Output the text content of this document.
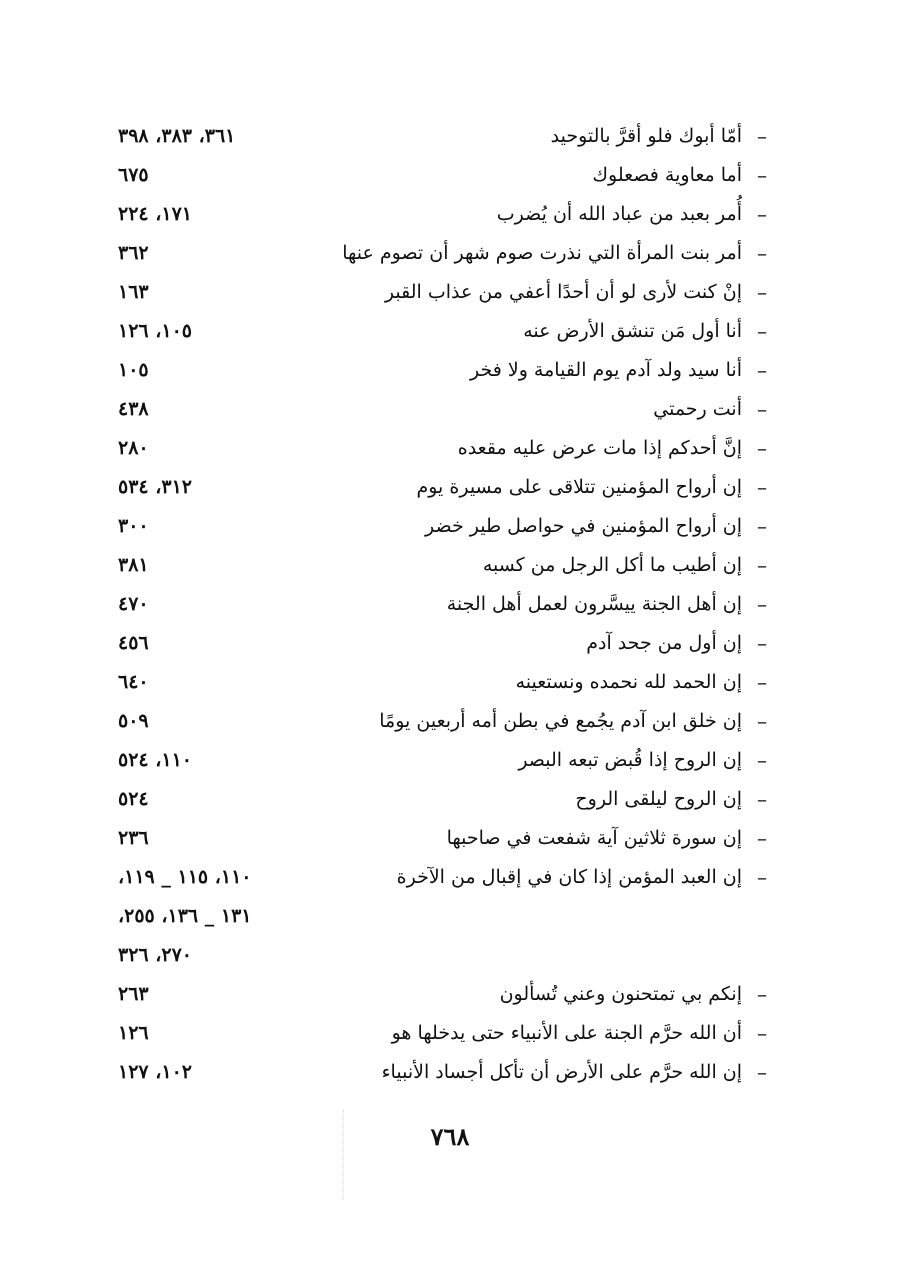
–
أمّا أبوك فلو أقرَّ بالتوحيد
٣٦١، ٣٨٣، ٣٩٨
–
أما معاوية فصعلوك
٦٧٥
–
أُمر بعبد من عباد الله أن يُضرب
١٧١، ٢٢٤
–
أمر بنت المرأة التي نذرت صوم شهر أن تصوم عنها
٣٦٢
–
إنْ كنت لأرى لو أن أحدًا أعفي من عذاب القبر
١٦٣
–
أنا أول مَن تنشق الأرض عنه
١٠٥، ١٢٦
–
أنا سيد ولد آدم يوم القيامة ولا فخر
١٠٥
–
أنت رحمتي
٤٣٨
–
إنَّ أحدكم إذا مات عرض عليه مقعده
٢٨٠
–
إن أرواح المؤمنين تتلاقى على مسيرة يوم
٣١٢، ٥٣٤
–
إن أرواح المؤمنين في حواصل طير خضر
٣٠٠
–
إن أطيب ما أكل الرجل من كسبه
٣٨١
–
إن أهل الجنة ييسَّرون لعمل أهل الجنة
٤٧٠
–
إن أول من جحد آدم
٤٥٦
–
إن الحمد لله نحمده ونستعينه
٦٤٠
–
إن خلق ابن آدم يجُمع في بطن أمه أربعين يومًا
٥٠٩
–
إن الروح إذا قُبض تبعه البصر
١١٠، ٥٢٤
–
إن الروح ليلقى الروح
٥٢٤
–
إن سورة ثلاثين آية شفعت في صاحبها
٢٣٦
–
إن العبد المؤمن إذا كان في إقبال من الآخرة
١١٠، ١١٥ _ ١١٩،
١٣١ _ ١٣٦، ٢٥٥،
٢٧٠، ٣٢٦
–
إنكم بي تمتحنون وعني تُسألون
٢٦٣
–
أن الله حرَّم الجنة على الأنبياء حتى يدخلها هو
١٢٦
–
إن الله حرَّم على الأرض أن تأكل أجساد الأنبياء
١٠٢، ١٢٧
٧٦٨
